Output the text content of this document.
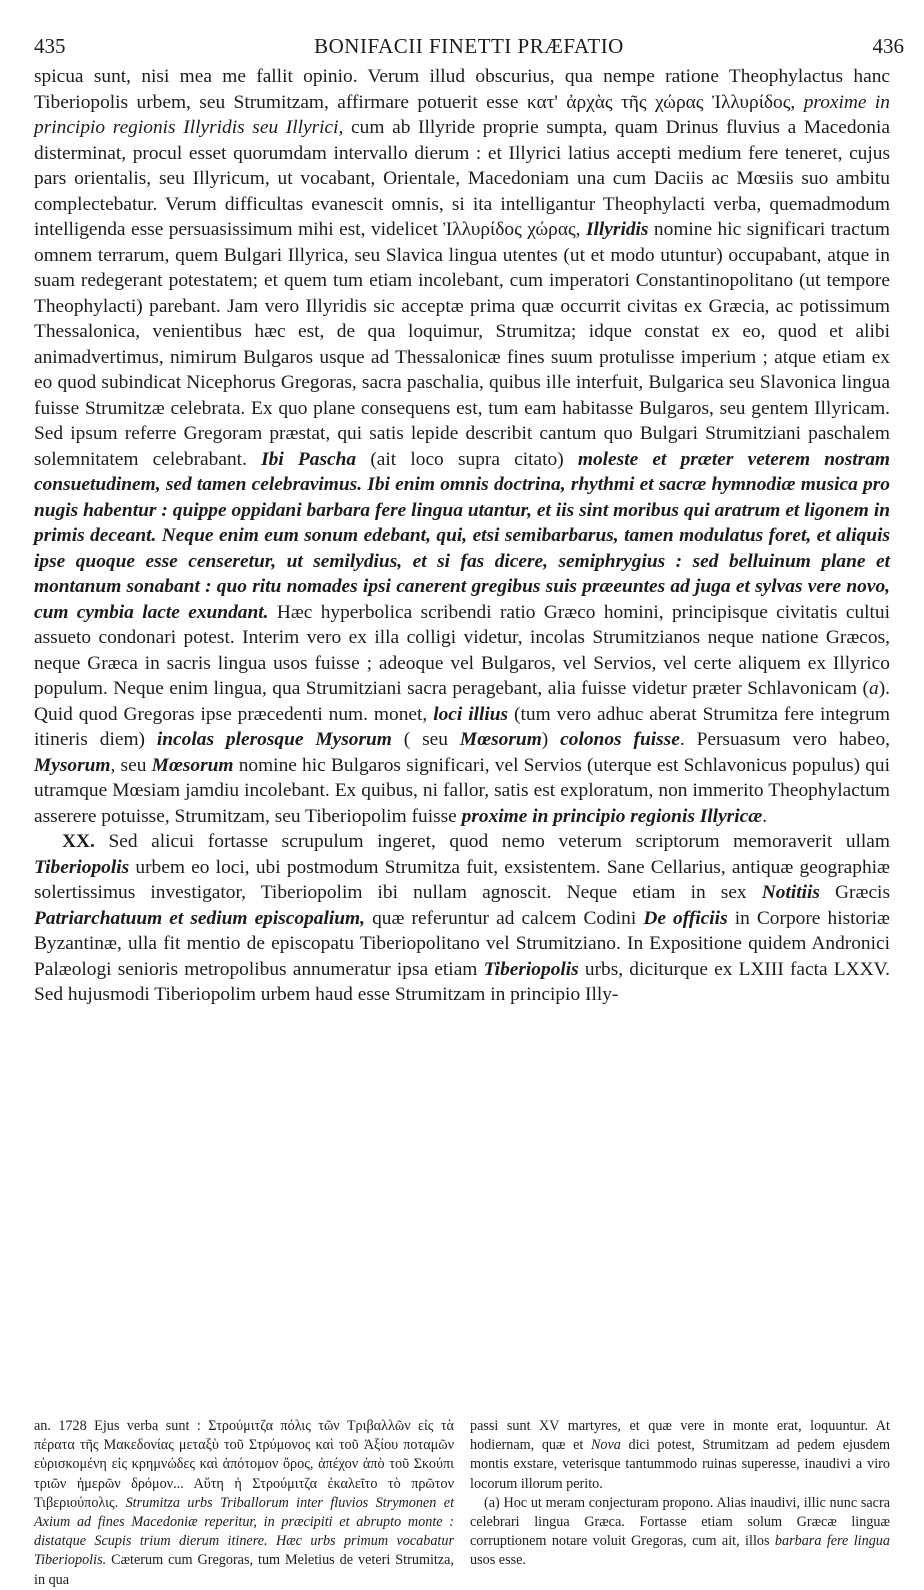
435	BONIFACII FINETTI PRÆFATIO	436

spicua sunt, nisi mea me fallit opinio. Verum illud obscurius, qua nempe ratione Theophylactus hanc Tiberiopolis urbem, seu Strumitzam, affirmare potuerit esse κατ' ἀρχὰς τῆς χώρας Ἰλλυρίδος, proxime in principio regionis Illyridis seu Illyrici, cum ab Illyride proprie sumpta, quam Drinus fluvius a Macedonia disterminat, procul esset quorumdam intervallo dierum : et Illyrici latius accepti medium fere teneret, cujus pars orientalis, seu Illyricum, ut vocabant, Orientale, Macedoniam una cum Daciis ac Mœsiis suo ambitu complectebatur. Verum difficultas evanescit omnis, si ita intelligantur Theophylacti verba, quemadmodum intelligenda esse persuasissimum mihi est, videlicet Ἰλλυρίδος χώρας, Illyridis nomine hic significari tractum omnem terrarum, quem Bulgari Illyrica, seu Slavica lingua utentes (ut et modo utuntur) occupabant, atque in suam redegerant potestatem; et quem tum etiam incolebant, cum imperatori Constantinopolitano (ut tempore Theophylacti) parebant. Jam vero Illyridis sic acceptæ prima quæ occurrit civitas ex Græcia, ac potissimum Thessalonica, venientibus hæc est, de qua loquimur, Strumitza; idque constat ex eo, quod et alibi animadvertimus, nimirum Bulgaros usque ad Thessalonicæ fines suum protulisse imperium ; atque etiam ex eo quod subindicat Nicephorus Gregoras, sacra paschalia, quibus ille interfuit, Bulgarica seu Slavonica lingua fuisse Strumitzæ celebrata. Ex quo plane consequens est, tum eam habitasse Bulgaros, seu gentem Illyricam. Sed ipsum referre Gregoram præstat, qui satis lepide describit cantum quo Bulgari Strumitziani paschalem solemnitatem celebrabant. Ibi Pascha (ait loco supra citato) moleste et præter veterem nostram consuetudinem, sed tamen celebravimus. Ibi enim omnis doctrina, rhythmi et sacræ hymnodiæ musica pro nugis habentur : quippe oppidani barbara fere lingua utantur, et iis sint moribus qui aratrum et ligonem in primis deceant. Neque enim eum sonum edebant, qui, etsi semibarbarus, tamen modulatus foret, et aliquis ipse quoque esse censeretur, ut semilydius, et si fas dicere, semiphrygius : sed belluinum plane et montanum sonabant : quo ritu nomades ipsi canerent gregibus suis præeuntes ad juga et sylvas vere novo, cum cymbia lacte exundant. Hæc hyperbolica scribendi ratio Græco homini, principisque civitatis cultui assueto condonari potest. Interim vero ex illa colligi videtur, incolas Strumitzianos neque natione Græcos, neque Græca in sacris lingua usos fuisse ; adeoque vel Bulgaros, vel Servios, vel certe aliquem ex Illyrico populum. Neque enim lingua, qua Strumitziani sacra peragebant, alia fuisse videtur præter Schlavonicam (a). Quid quod Gregoras ipse præcedenti num. monet, loci illius (tum vero adhuc aberat Strumitza fere integrum itineris diem) incolas plerosque Mysorum ( seu Mœsorum) colonos fuisse. Persuasum vero habeo, Mysorum, seu Mœsorum nomine hic Bulgaros significari, vel Servios (uterque est Schlavonicus populus) qui utramque Mœsiam jamdiu incolebant. Ex quibus, ni fallor, satis est exploratum, non immerito Theophylactum asserere potuisse, Strumitzam, seu Tiberiopolim fuisse proxime in principio regionis Illyricæ.

XX. Sed alicui fortasse scrupulum ingeret, quod nemo veterum scriptorum memoraverit ullam Tiberiopolis urbem eo loci, ubi postmodum Strumitza fuit, exsistentem. Sane Cellarius, antiquæ geographiæ solertissimus investigator, Tiberiopolim ibi nullam agnoscit. Neque etiam in sex Notitiis Græcis Patriarchatuum et sedium episcopalium, quæ referuntur ad calcem Codini De officiis in Corpore historiæ Byzantinæ, ulla fit mentio de episcopatu Tiberiopolitano vel Strumitziano. In Expositione quidem Andronici Palæologi senioris metropolibus annumeratur ipsa etiam Tiberiopolis urbs, diciturque ex LXIII facta LXXV. Sed hujusmodi Tiberiopolim urbem haud esse Strumitzam in principio Illy-

an. 1728 Ejus verba sunt : Στρούμιτζα πόλις τῶν Τριβαλλῶν εἰς τὰ πέρατα τῆς Μακεδονίας μεταξὺ τοῦ Στρύμονος καὶ τοῦ Ἀξίου ποταμῶν εὑρισκομένη εἰς κρημνώδες καὶ ἀπότομον ὄρος, ἀπέχον ἀπὸ τοῦ Σκούπι τριῶν ἡμερῶν δρόμον... Αὕτη ἡ Στρούμιτζα ἐκαλεῖτο τὸ πρῶτον Τιβεριούπολις. Strumitza urbs Triballorum inter fluvios Strymonen et Axium ad fines Macedoniæ reperitur, in præcipiti et abrupto monte : distatque Scupis trium dierum itinere. Hæc urbs primum vocabatur Tiberiopolis. Cæterum cum Gregoras, tum Meletius de veteri Strumitza, in qua

passi sunt XV martyres, et quæ vere in monte erat, loquuntur. At hodiernam, quæ et Nova dici potest, Strumitzam ad pedem ejusdem montis exstare, veterisque tantummodo ruinas superesse, inaudivi a viro locorum illorum perito.

(a) Hoc ut meram conjecturam propono. Alias inaudivi, illic nunc sacra celebrari lingua Græca. Fortasse etiam solum Græcæ linguæ corruptionem notare voluit Gregoras, cum ait, illos barbara fere lingua usos esse.
